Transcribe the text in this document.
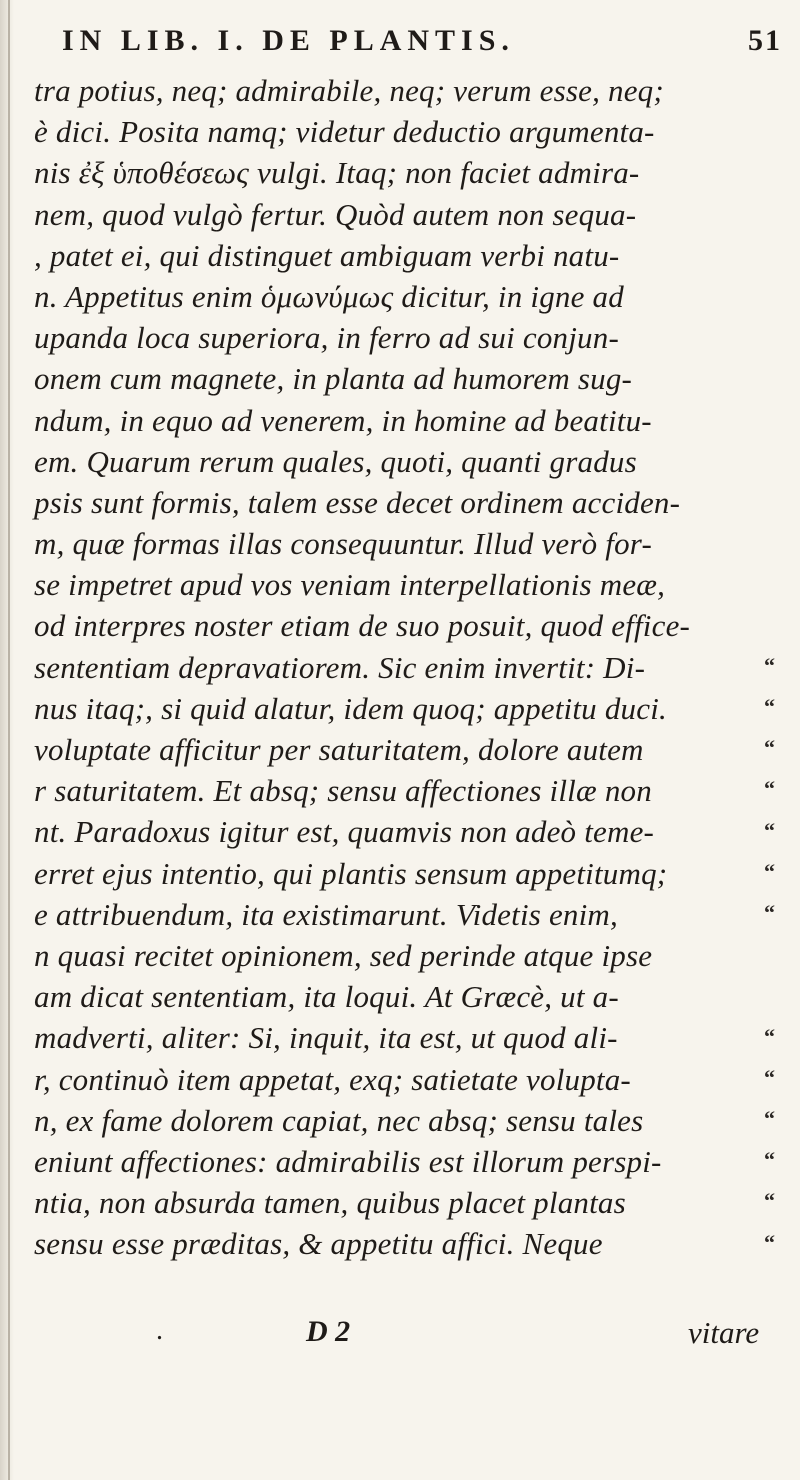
IN LIB. I. DE PLANTIS.	51
tra potius, neq; admirabile, neq; verum esse, neq;
è dici. Posita namq; videtur deductio argumenta-
nis ἐξ ὑποθέσεως vulgi. Itaq; non faciet admira-
nem, quod vulgò fertur. Quòd autem non sequa-
, patet ei, qui distinguet ambiguam verbi natu-
n. Appetitus enim ὁμωνύμως dicitur, in igne ad
upanda loca superiora, in ferro ad sui conjun-
onem cum magnete, in planta ad humorem sug-
ndum, in equo ad venerem, in homine ad beatitu-
em. Quarum rerum quales, quoti, quanti gradus
psis sunt formis, talem esse decet ordinem acciden-
m, quæ formas illas consequuntur. Illud verò for-
se impetret apud vos veniam interpellationis meæ,
od interpres noster etiam de suo posuit, quod effice-
sententiam depravatiorem. Sic enim invertit: Di-
nus itaq;, si quid alatur, idem quoq; appetitu duci.
voluptate afficitur per saturitatem, dolore autem
r saturitatem. Et absq; sensu affectiones illæ non
nt. Paradoxus igitur est, quamvis non adeò teme-
erret ejus intentio, qui plantis sensum appetitumq;
e attribuendum, ita existimarunt. Videtis enim,
n quasi recitet opinionem, sed perinde atque ipse
am dicat sententiam, ita loqui. At Græcè, ut a-
madverti, aliter: Si, inquit, ita est, ut quod ali-
r, continuò item appetat, exq; satietate volupta-
n, ex fame dolorem capiat, nec absq; sensu tales
eniunt affectiones: admirabilis est illorum perspi-
ntia, non absurda tamen, quibus placet plantas
sensu esse præditas, & appetitu affici. Neque
“
“
“
“
“
“
“
“
“
“
“
“
“
.	D 2	vitare
